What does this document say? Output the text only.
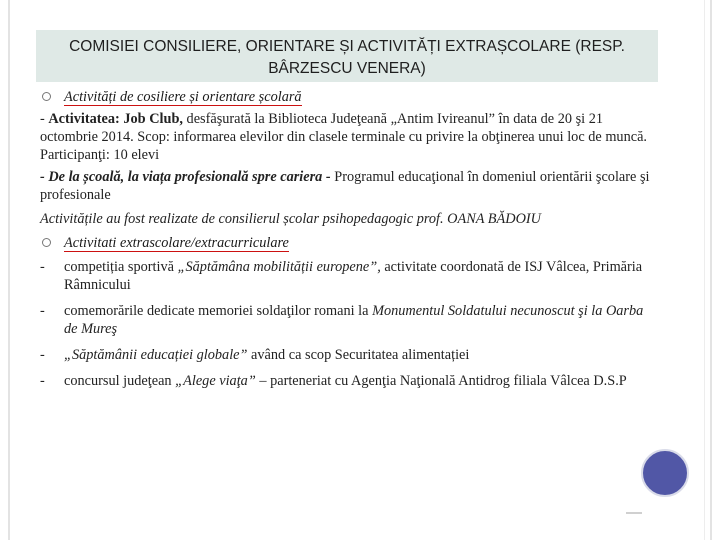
COMISIEI CONSILIERE, ORIENTARE ȘI ACTIVITĂȚI EXTRAȘCOLARE (RESP.
BÂRZESCU VENERA)
Activități de cosiliere și orientare școlară

- Activitatea: Job Club, desfăşurată la Biblioteca Judeţeană „Antim Ivireanul” în data de 20 şi 21 octombrie 2014. Scop: informarea elevilor din clasele terminale cu privire la obţinerea unui loc de muncă. Participanţi: 10 elevi

- De la școală, la viața profesională spre cariera - Programul educaţional în domeniul orientării şcolare şi profesionale

Activitățile au fost realizate de consilierul școlar psihopedagogic prof. OANA BĂDOIU

Activitati extrascolare/extracurriculare
- competiția sportivă „Săptămâna mobilității europene”, activitate coordonată de ISJ Vâlcea, Primăria Râmnicului
- comemorările dedicate memoriei soldaţilor romani la Monumentul Soldatului necunoscut şi la Oarba de Mureş
- „Săptămânii educației globale” având ca scop Securitatea alimentației
- concursul judeţean „Alege viaţa” – parteneriat cu Agenţia Naţională Antidrog filiala Vâlcea D.S.P
